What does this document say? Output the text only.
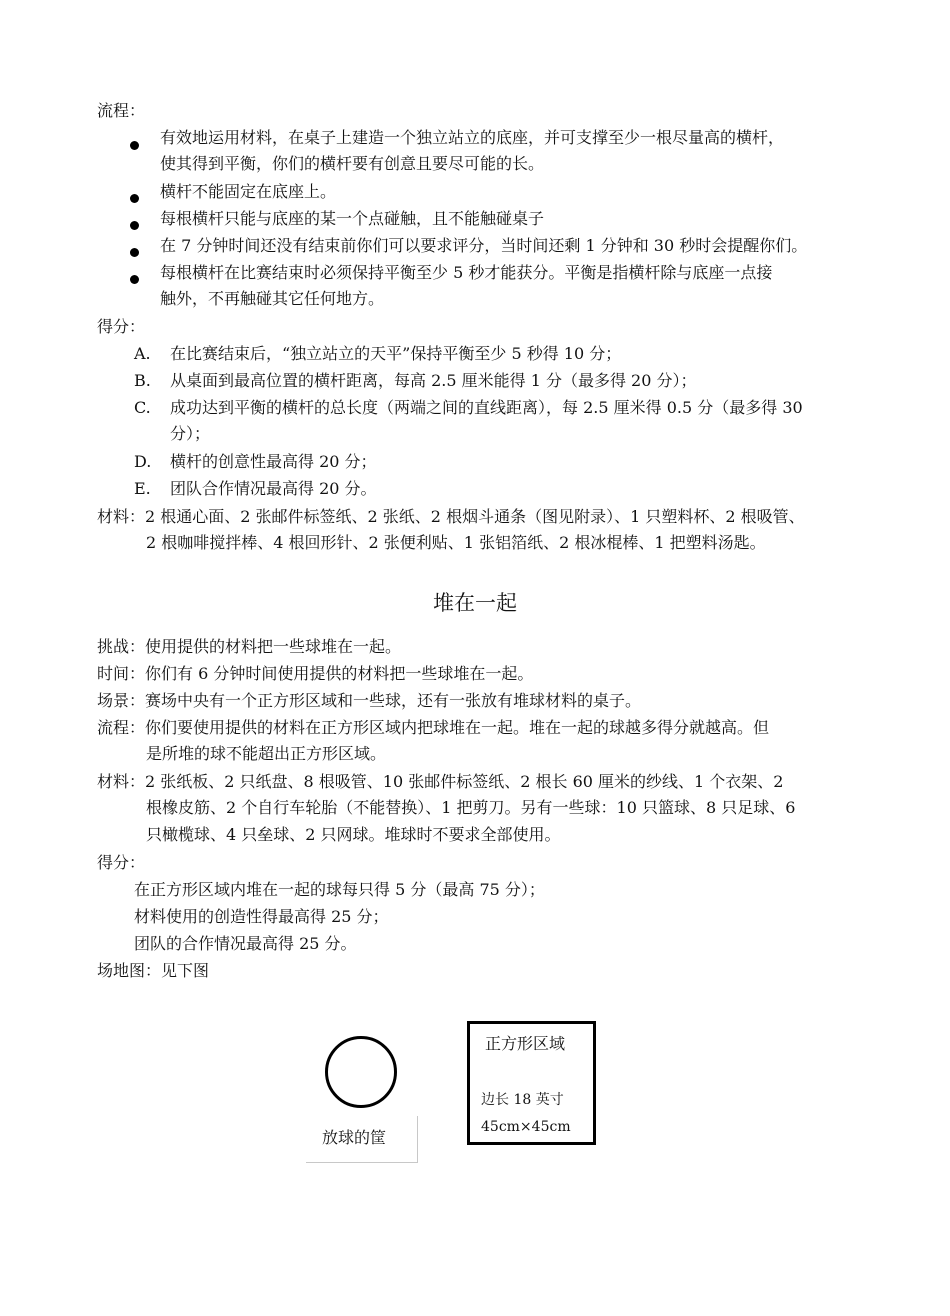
流程：
有效地运用材料，在桌子上建造一个独立站立的底座，并可支撑至少一根尽量高的横杆，
使其得到平衡，你们的横杆要有创意且要尽可能的长。
横杆不能固定在底座上。
每根横杆只能与底座的某一个点碰触，且不能触碰桌子
在 7 分钟时间还没有结束前你们可以要求评分，当时间还剩 1 分钟和 30 秒时会提醒你们。
每根横杆在比赛结束时必须保持平衡至少 5 秒才能获分。平衡是指横杆除与底座一点接
触外，不再触碰其它任何地方。
得分：
A. 在比赛结束后，“独立站立的天平”保持平衡至少 5 秒得 10 分；
B. 从桌面到最高位置的横杆距离，每高 2.5 厘米能得 1 分（最多得 20 分）；
C. 成功达到平衡的横杆的总长度（两端之间的直线距离），每 2.5 厘米得 0.5 分（最多得 30
分）；
D. 横杆的创意性最高得 20 分；
E. 团队合作情况最高得 20 分。
材料：2 根通心面、2 张邮件标签纸、2 张纸、2 根烟斗通条（图见附录）、1 只塑料杯、2 根吸管、
2 根咖啡搅拌棒、4 根回形针、2 张便利贴、1 张铝箔纸、2 根冰棍棒、1 把塑料汤匙。
堆在一起
挑战：使用提供的材料把一些球堆在一起。
时间：你们有 6 分钟时间使用提供的材料把一些球堆在一起。
场景：赛场中央有一个正方形区域和一些球，还有一张放有堆球材料的桌子。
流程：你们要使用提供的材料在正方形区域内把球堆在一起。堆在一起的球越多得分就越高。但
是所堆的球不能超出正方形区域。
材料：2 张纸板、2 只纸盘、8 根吸管、10 张邮件标签纸、2 根长 60 厘米的纱线、1 个衣架、2
根橡皮筋、2 个自行车轮胎（不能替换）、1 把剪刀。另有一些球：10 只篮球、8 只足球、6
只橄榄球、4 只垒球、2 只网球。堆球时不要求全部使用。
得分：
在正方形区域内堆在一起的球每只得 5 分（最高 75 分）；
材料使用的创造性得最高得 25 分；
团队的合作情况最高得 25 分。
场地图：见下图
放球的筐
正方形区域
边长 18 英寸
45cm×45cm
